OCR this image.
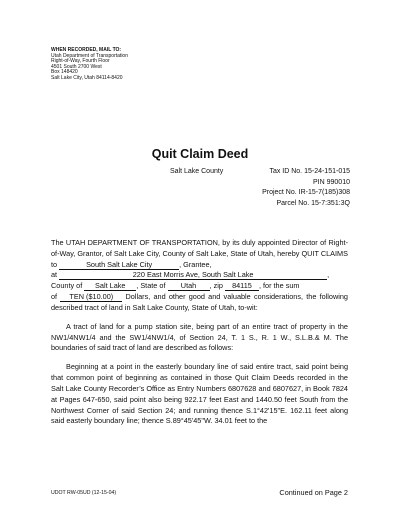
WHEN RECORDED, MAIL TO:
Utah Department of Transportation
Right-of-Way, Fourth Floor
4501 South 2700 West
Box 148420
Salt Lake City, Utah 84114-8420
Quit Claim Deed
Salt Lake County	Tax ID No. 15-24-151-015
PIN 990010
Project No. IR-15-7(185)308
Parcel No. 15-7:351:3Q

The UTAH DEPARTMENT OF TRANSPORTATION, by its duly appointed Director of Right-of-Way, Grantor, of Salt Lake City, County of Salt Lake, State of Utah, hereby QUIT CLAIMS to	South Salt Lake City	, Grantee,
at	220 East Morris Ave, South Salt Lake	,
County of Salt Lake , State of Utah , zip 84115 , for the sum
of TEN ($10.00) Dollars, and other good and valuable considerations, the following described tract of land in Salt Lake County, State of Utah, to-wit:

A tract of land for a pump station site, being part of an entire tract of property in the NW1/4NW1/4 and the SW1/4NW1/4, of Section 24, T. 1 S., R. 1 W., S.L.B.& M. The boundaries of said tract of land are described as follows:

Beginning at a point in the easterly boundary line of said entire tract, said point being that common point of beginning as contained in those Quit Claim Deeds recorded in the Salt Lake County Recorder’s Office as Entry Numbers 6807628 and 6807627, in Book 7824 at Pages 647-650, said point also being 922.17 feet East and 1440.50 feet South from the Northwest Corner of said Section 24; and running thence S.1°42'15"E. 162.11 feet along said easterly boundary line; thence S.89°45'45"W. 34.01 feet to the

UDOT RW-05UD (12-15-04)	Continued on Page 2
